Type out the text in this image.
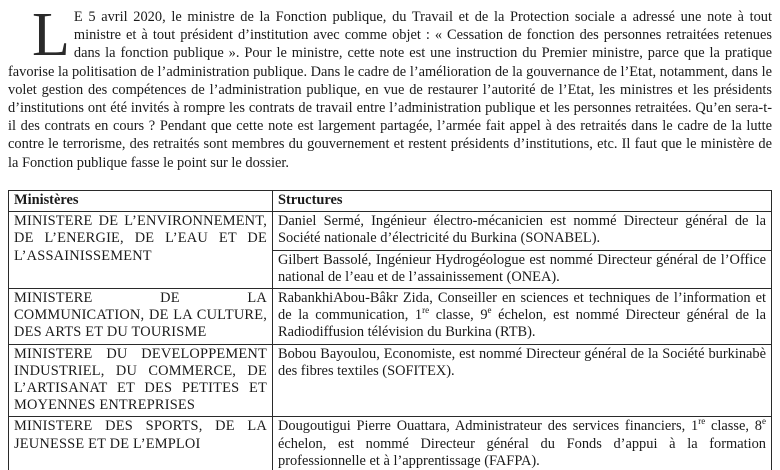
L E 5 avril 2020, le ministre de la Fonction publique, du Travail et de la Protection sociale a adressé une note à tout ministre et à tout président d’institution avec comme objet : « Cessation de fonction des personnes retraitées retenues dans la fonction publique ». Pour le ministre, cette note est une instruction du Premier ministre, parce que la pratique favorise la politisation de l’administration publique. Dans le cadre de l’amélioration de la gouvernance de l’Etat, notamment, dans le volet gestion des compétences de l’administration publique, en vue de restaurer l’autorité de l’Etat, les ministres et les présidents d’institutions ont été invités à rompre les contrats de travail entre l’administration publique et les personnes retraitées. Qu’en sera-t-il des contrats en cours ? Pendant que cette note est largement partagée, l’armée fait appel à des retraités dans le cadre de la lutte contre le terrorisme, des retraités sont membres du gouvernement et restent présidents d’institutions, etc. Il faut que le ministère de la Fonction publique fasse le point sur le dossier.
Ministères	Structures
MINISTERE DE L’ENVIRONNEMENT, DE L’ENERGIE, DE L’EAU ET DE L’ASSAINISSEMENT	Daniel Sermé, Ingénieur électro-mécanicien est nommé Directeur général de la Société nationale d’électricité du Burkina (SONABEL).
	Gilbert Bassolé, Ingénieur Hydrogéologue est nommé Directeur général de l’Office national de l’eau et de l’assainissement (ONEA).
MINISTERE DE LA COMMUNICATION, DE LA CULTURE, DES ARTS ET DU TOURISME	RabankhiAbou-Bâkr Zida, Conseiller en sciences et techniques de l’information et de la communication, 1re classe, 9e échelon, est nommé Directeur général de la Radiodiffusion télévision du Burkina (RTB).
MINISTERE DU DEVELOPPEMENT INDUSTRIEL, DU COMMERCE, DE L’ARTISANAT ET DES PETITES ET MOYENNES ENTREPRISES	Bobou Bayoulou, Economiste, est nommé Directeur général de la Société burkinabè des fibres textiles (SOFITEX).
MINISTERE DES SPORTS, DE LA JEUNESSE ET DE L’EMPLOI	Dougoutigui Pierre Ouattara, Administrateur des services financiers, 1re classe, 8e échelon, est nommé Directeur général du Fonds d’appui à la formation professionnelle et à l’apprentissage (FAFPA).
